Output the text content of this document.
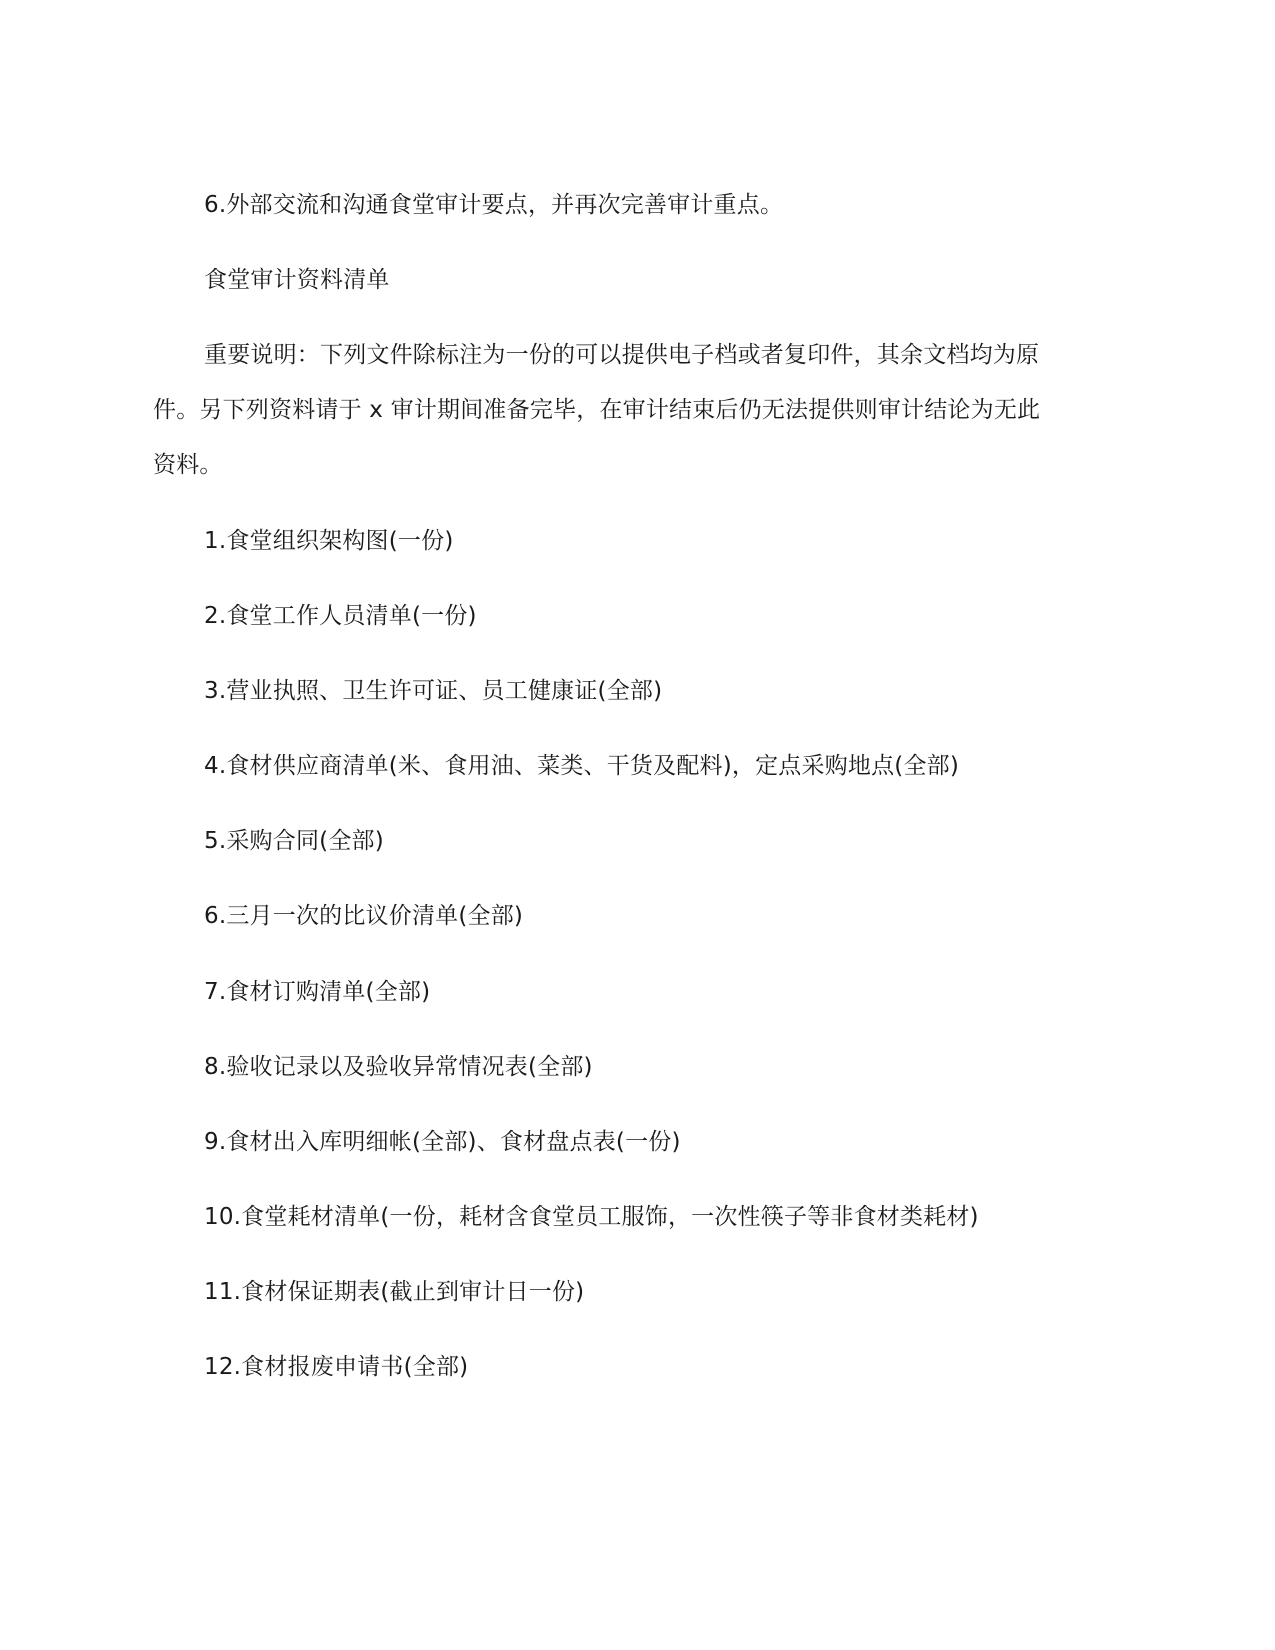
6.外部交流和沟通食堂审计要点，并再次完善审计重点。

食堂审计资料清单

重要说明：下列文件除标注为一份的可以提供电子档或者复印件，其余文档均为原

件。另下列资料请于 x 审计期间准备完毕，在审计结束后仍无法提供则审计结论为无此

资料。

1.食堂组织架构图(一份)

2.食堂工作人员清单(一份)

3.营业执照、卫生许可证、员工健康证(全部)

4.食材供应商清单(米、食用油、菜类、干货及配料)，定点采购地点(全部)

5.采购合同(全部)

6.三月一次的比议价清单(全部)

7.食材订购清单(全部)

8.验收记录以及验收异常情况表(全部)

9.食材出入库明细帐(全部)、食材盘点表(一份)

10.食堂耗材清单(一份，耗材含食堂员工服饰，一次性筷子等非食材类耗材)

11.食材保证期表(截止到审计日一份)

12.食材报废申请书(全部)
